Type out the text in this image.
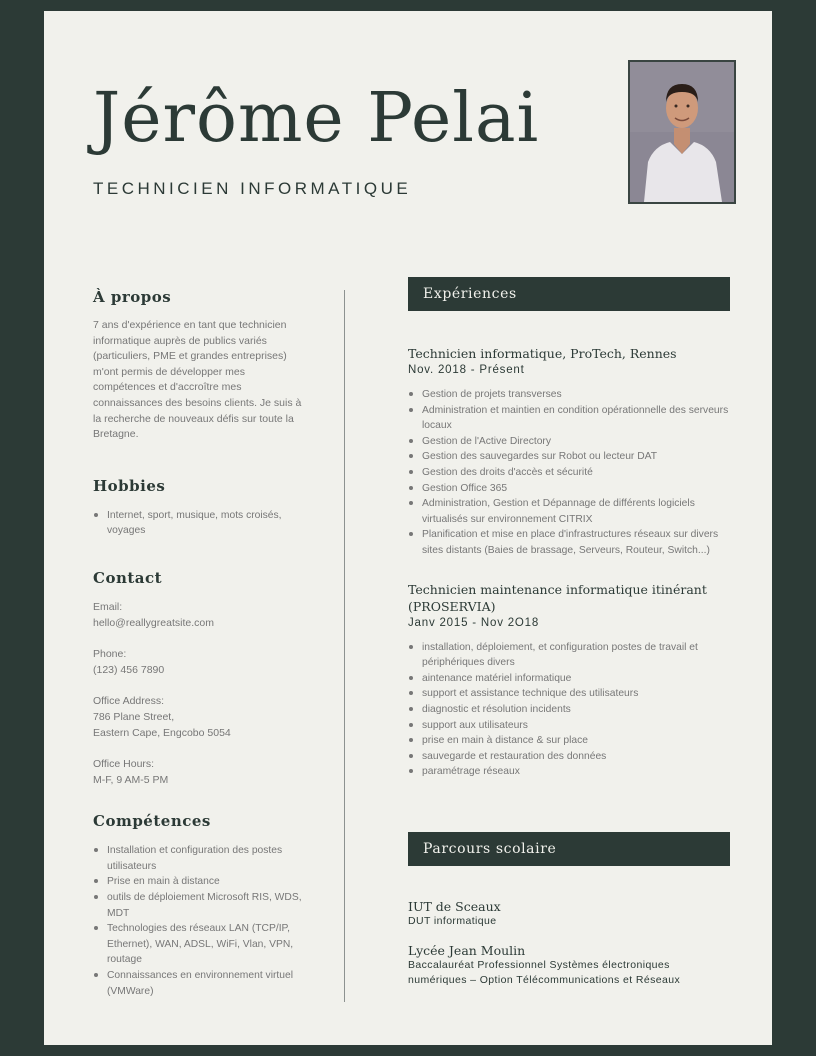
Jérôme Pelai
TECHNICIEN INFORMATIQUE
À propos
7 ans d'expérience en tant que technicien informatique auprès de publics variés (particuliers, PME et grandes entreprises) m'ont permis de développer mes compétences et d'accroître mes connaissances des besoins clients. Je suis à la recherche de nouveaux défis sur toute la Bretagne.
Hobbies
Internet, sport, musique, mots croisés, voyages
Contact
Email:
hello@reallygreatsite.com
Phone:
(123) 456 7890
Office Address:
786 Plane Street,
Eastern Cape, Engcobo 5054
Office Hours:
M-F, 9 AM-5 PM
Compétences
Installation et configuration des postes utilisateurs
Prise en main à distance
outils de déploiement Microsoft RIS, WDS, MDT
Technologies des réseaux LAN (TCP/IP, Ethernet), WAN, ADSL, WiFi, Vlan, VPN, routage
Connaissances en environnement virtuel (VMWare)
Expériences
Technicien informatique, ProTech, Rennes
Nov. 2018 - Présent
Gestion de projets transverses
Administration et maintien en condition opérationnelle des serveurs locaux
Gestion de l'Active Directory
Gestion des sauvegardes sur Robot ou lecteur DAT
Gestion des droits d'accès et sécurité
Gestion Office 365
Administration, Gestion et Dépannage de différents logiciels virtualisés sur environnement CITRIX
Planification et mise en place d'infrastructures réseaux sur divers sites distants (Baies de brassage, Serveurs, Routeur, Switch...)
Technicien maintenance informatique itinérant (PROSERVIA)
Janv 2015 - Nov 2O18
installation, déploiement, et configuration postes de travail et périphériques divers
aintenance matériel informatique
support et assistance technique des utilisateurs
diagnostic et résolution incidents
support aux utilisateurs
prise en main à distance & sur place
sauvegarde et restauration des données
paramétrage réseaux
Parcours scolaire
IUT de Sceaux
DUT informatique
Lycée Jean Moulin
Baccalauréat Professionnel Systèmes électroniques numériques – Option Télécommunications et Réseaux
